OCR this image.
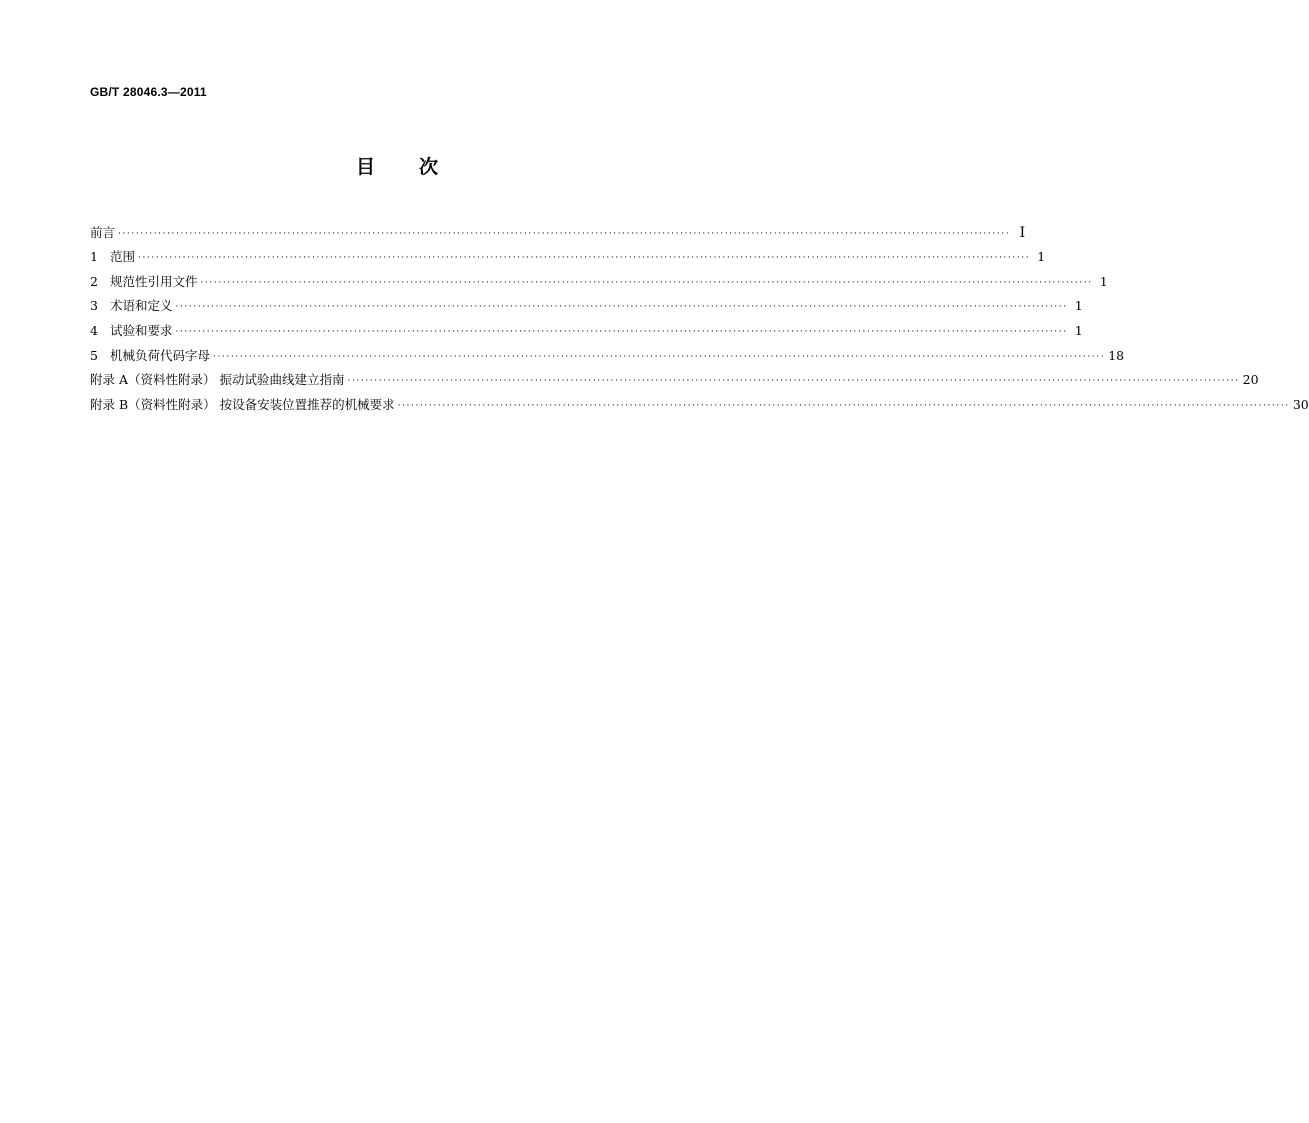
GB/T 28046.3—2011
目次
前言 ········································································································································································································ Ⅰ
1 范围 ········································································································································································································ 1
2 规范性引用文件 ········································································································································································································ 1
3 术语和定义 ········································································································································································································ 1
4 试验和要求 ········································································································································································································ 1
5 机械负荷代码字母 ········································································································································································································ 18
附录 A（资料性附录） 振动试验曲线建立指南 ········································································································································································································ 20
附录 B（资料性附录） 按设备安装位置推荐的机械要求 ········································································································································································································ 30
